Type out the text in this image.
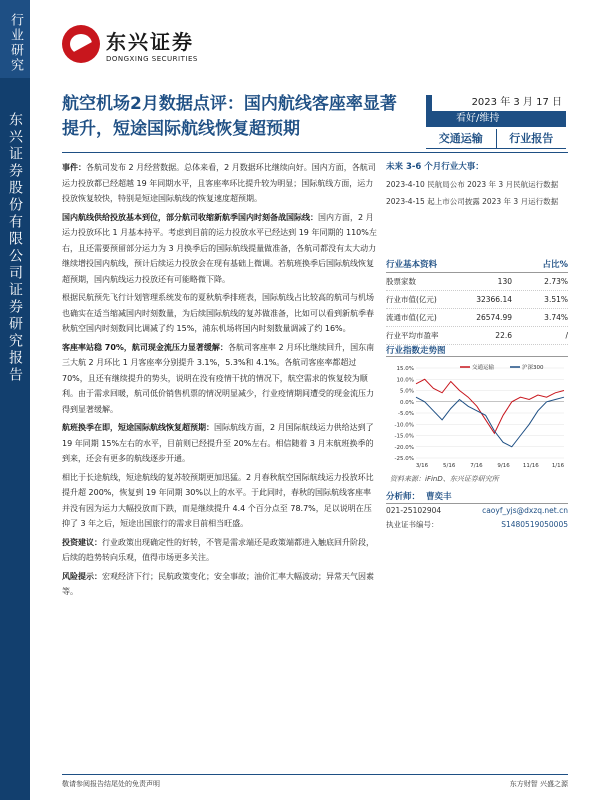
行业研究
东兴证券股份有限公司证券研究报告
东兴证券
DONGXING SECURITIES
航空机场2月数据点评：国内航线客座率显著提升，短途国际航线恢复超预期
2023 年 3 月 17 日
看好/维持
交通运输	行业报告

事件：各航司发布 2 月经营数据。总体来看，2 月数据环比继续向好。国内方面，各航司运力投放都已经超越 19 年同期水平，且客座率环比提升较为明显；国际航线方面，运力投放恢复较快，特别是短途国际航线的恢复速度超预期。

国内航线供给投放基本到位，部分航司收缩新航季国内时刻备战国际线：国内方面，2 月运力投放环比 1 月基本持平。考虑到目前的运力投放水平已经达到 19 年同期的 110%左右，且还需要预留部分运力为 3 月换季后的国际航线提量做准备，各航司都没有太大动力继续增投国内航线，预计后续运力投放会在现有基础上微调。若航班换季后国际航线恢复超预期，国内航线运力投放还有可能略微下降。

根据民航预先飞行计划管理系统发布的夏秋航季排班表，国际航线占比较高的航司与机场也确实在适当缩减国内时刻数量，为后续国际航线的复苏做准备，比如可以看到新航季春秋航空国内时刻数同比调减了约 15%，浦东机场将国内时刻数量调减了约 16%。

客座率站稳 70%，航司现金流压力显著缓解：各航司客座率 2 月环比继续回升，国东南三大航 2 月环比 1 月客座率分别提升 3.1%，5.3%和 4.1%。各航司客座率都超过 70%，且还有继续提升的势头，说明在没有疫情干扰的情况下，航空需求的恢复较为顺利。由于需求回暖，航司低价销售机票的情况明显减少，行业疫情期间遭受的现金流压力得到显著缓解。

航班换季在即，短途国际航线恢复超预期：国际航线方面，2 月国际航线运力供给达到了 19 年同期 15%左右的水平，目前则已经提升至 20%左右。相信随着 3 月末航班换季的到来，还会有更多的航线逐步开通。

相比于长途航线，短途航线的复苏较预期更加迅猛。2 月春秋航空国际航线运力投放环比提升超 200%，恢复到 19 年同期 30%以上的水平。于此同时，春秋的国际航线客座率并没有因为运力大幅投放而下跌，而是继续提升 4.4 个百分点至 78.7%，足以说明在压抑了 3 年之后，短途出国旅行的需求目前相当旺盛。

投资建议：行业政策出现确定性的好转，不管是需求端还是政策端都进入触底回升阶段，后续的趋势转向乐观，值得市场更多关注。

风险提示：宏观经济下行；民航政策变化；安全事故；油价汇率大幅波动；异常天气因素等。

未来 3-6 个月行业大事：

2023-4-10 民航局公布 2023 年 3 月民航运行数据

2023-4-15 起上市公司披露 2023 年 3 月运行数据

行业基本资料	占比%
股票家数	130	2.73%
行业市值(亿元)	32366.14	3.51%
流通市值(亿元)	26574.99	3.74%
行业平均市盈率	22.6	/
行业指数走势图
15.0%
10.0%
5.0%
0.0%
-5.0%
-10.0%
-15.0%
-20.0%
-25.0%
3/16	5/16	7/16	9/16 11/16 1/16
交通运输	沪深300
资料来源：iFinD、东兴证券研究所
分析师： 曹奕丰
021-25102904	caoyf_yjs@dxzq.net.cn
执业证书编号：	S1480519050005
敬请参阅报告结尾处的免责声明	东方财智 兴盛之源
